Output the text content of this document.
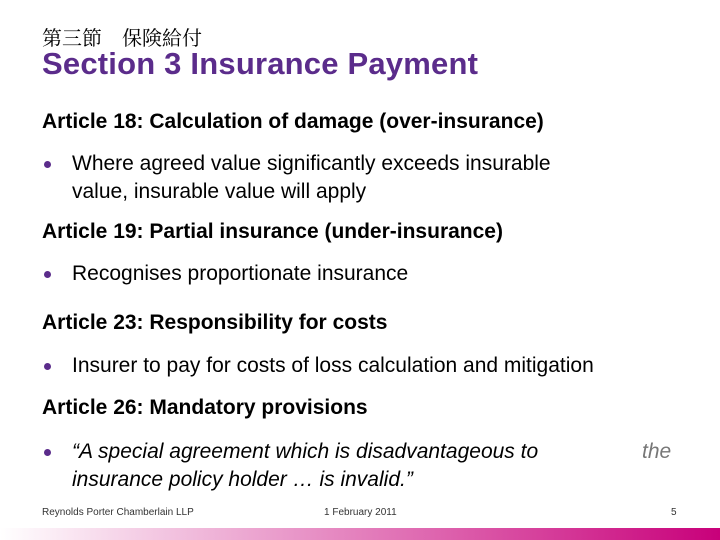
第三節　保険給付
Section 3 Insurance Payment
Article 18: Calculation of damage (over-insurance)
Where agreed value significantly exceeds insurable
value, insurable value will apply
Article 19: Partial insurance (under-insurance)
Recognises proportionate insurance
Article 23: Responsibility for costs
Insurer to pay for costs of loss calculation and mitigation
Article 26: Mandatory provisions
“A special agreement which is disadvantageous to	the
insurance policy holder … is invalid.”
Reynolds Porter Chamberlain LLP	1 February 2011	5
